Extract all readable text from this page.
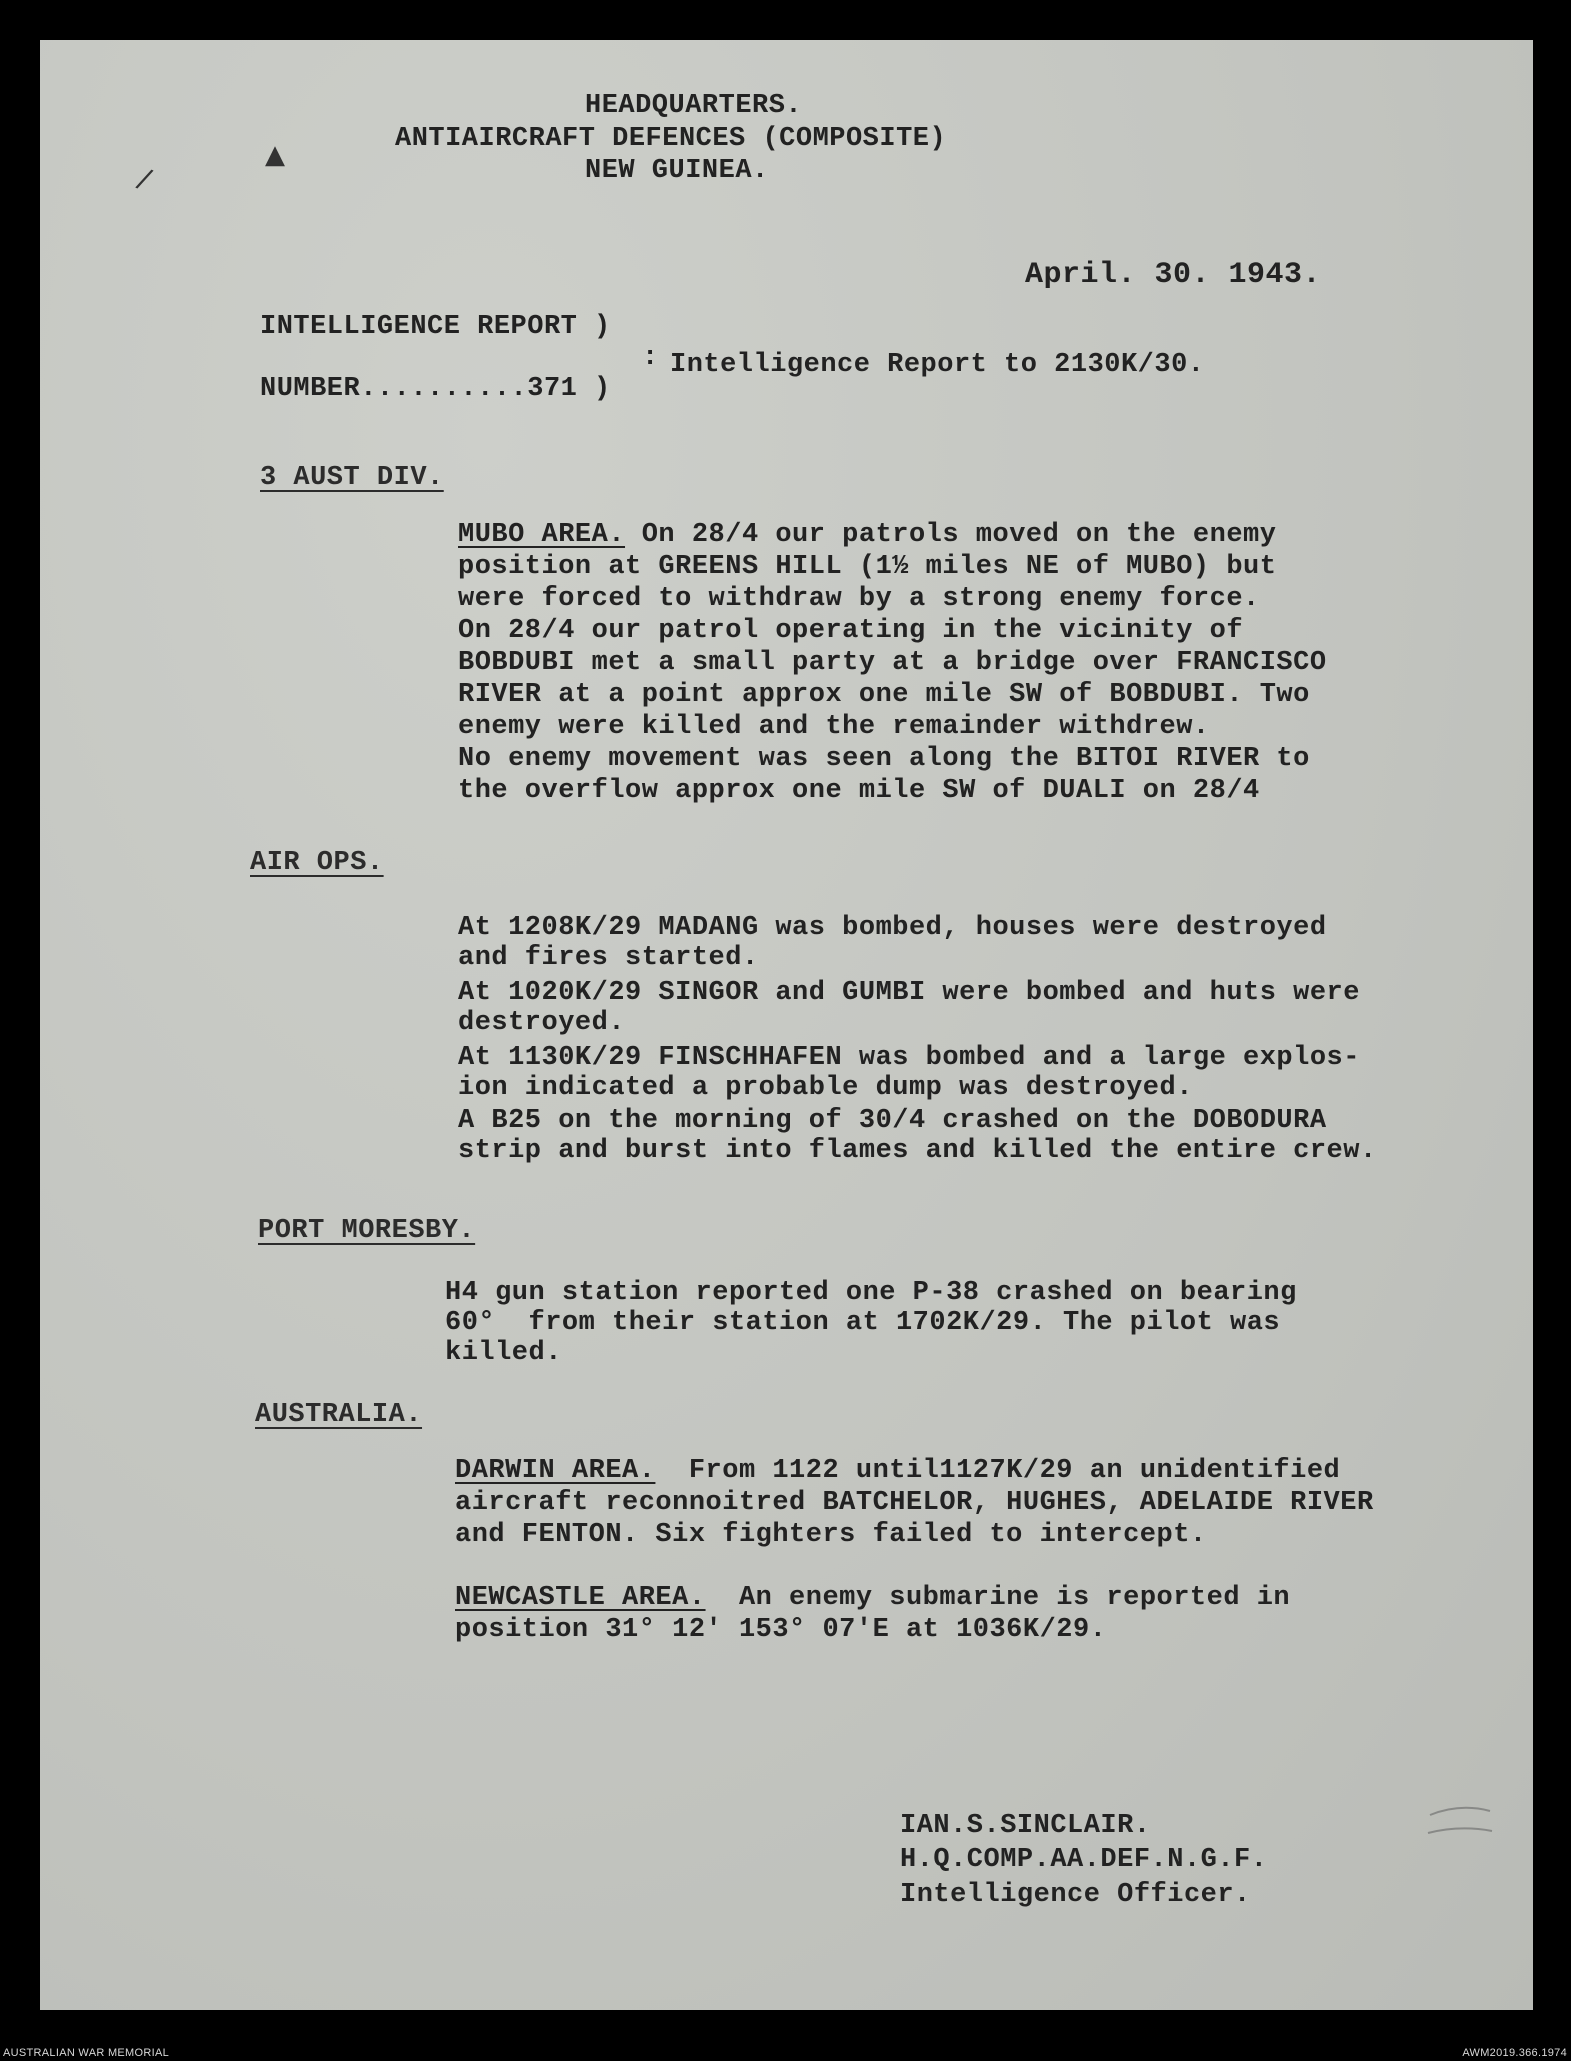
/
▲
HEADQUARTERS.
ANTIAIRCRAFT DEFENCES (COMPOSITE)
NEW GUINEA.
April. 30. 1943.
INTELLIGENCE REPORT )
:
NUMBER..........371 )
Intelligence Report to 2130K/30.
3 AUST DIV.
MUBO AREA. On 28/4 our patrols moved on the enemy
position at GREENS HILL (1½ miles NE of MUBO) but
were forced to withdraw by a strong enemy force.
On 28/4 our patrol operating in the vicinity of
BOBDUBI met a small party at a bridge over FRANCISCO
RIVER at a point approx one mile SW of BOBDUBI. Two
enemy were killed and the remainder withdrew.
No enemy movement was seen along the BITOI RIVER to
the overflow approx one mile SW of DUALI on 28/4
AIR OPS.
At 1208K/29 MADANG was bombed, houses were destroyed
and fires started.
At 1020K/29 SINGOR and GUMBI were bombed and huts were
destroyed.
At 1130K/29 FINSCHHAFEN was bombed and a large explos-
ion indicated a probable dump was destroyed.
A B25 on the morning of 30/4 crashed on the DOBODURA
strip and burst into flames and killed the entire crew.
PORT MORESBY.
H4 gun station reported one P-38 crashed on bearing
60°  from their station at 1702K/29. The pilot was
killed.
AUSTRALIA.
DARWIN AREA.  From 1122 until1127K/29 an unidentified
aircraft reconnoitred BATCHELOR, HUGHES, ADELAIDE RIVER
and FENTON. Six fighters failed to intercept.
NEWCASTLE AREA.  An enemy submarine is reported in
position 31° 12' 153° 07'E at 1036K/29.
IAN.S.SINCLAIR.
H.Q.COMP.AA.DEF.N.G.F.
Intelligence Officer.
AUSTRALIAN WAR MEMORIAL	AWM2019.366.1974
